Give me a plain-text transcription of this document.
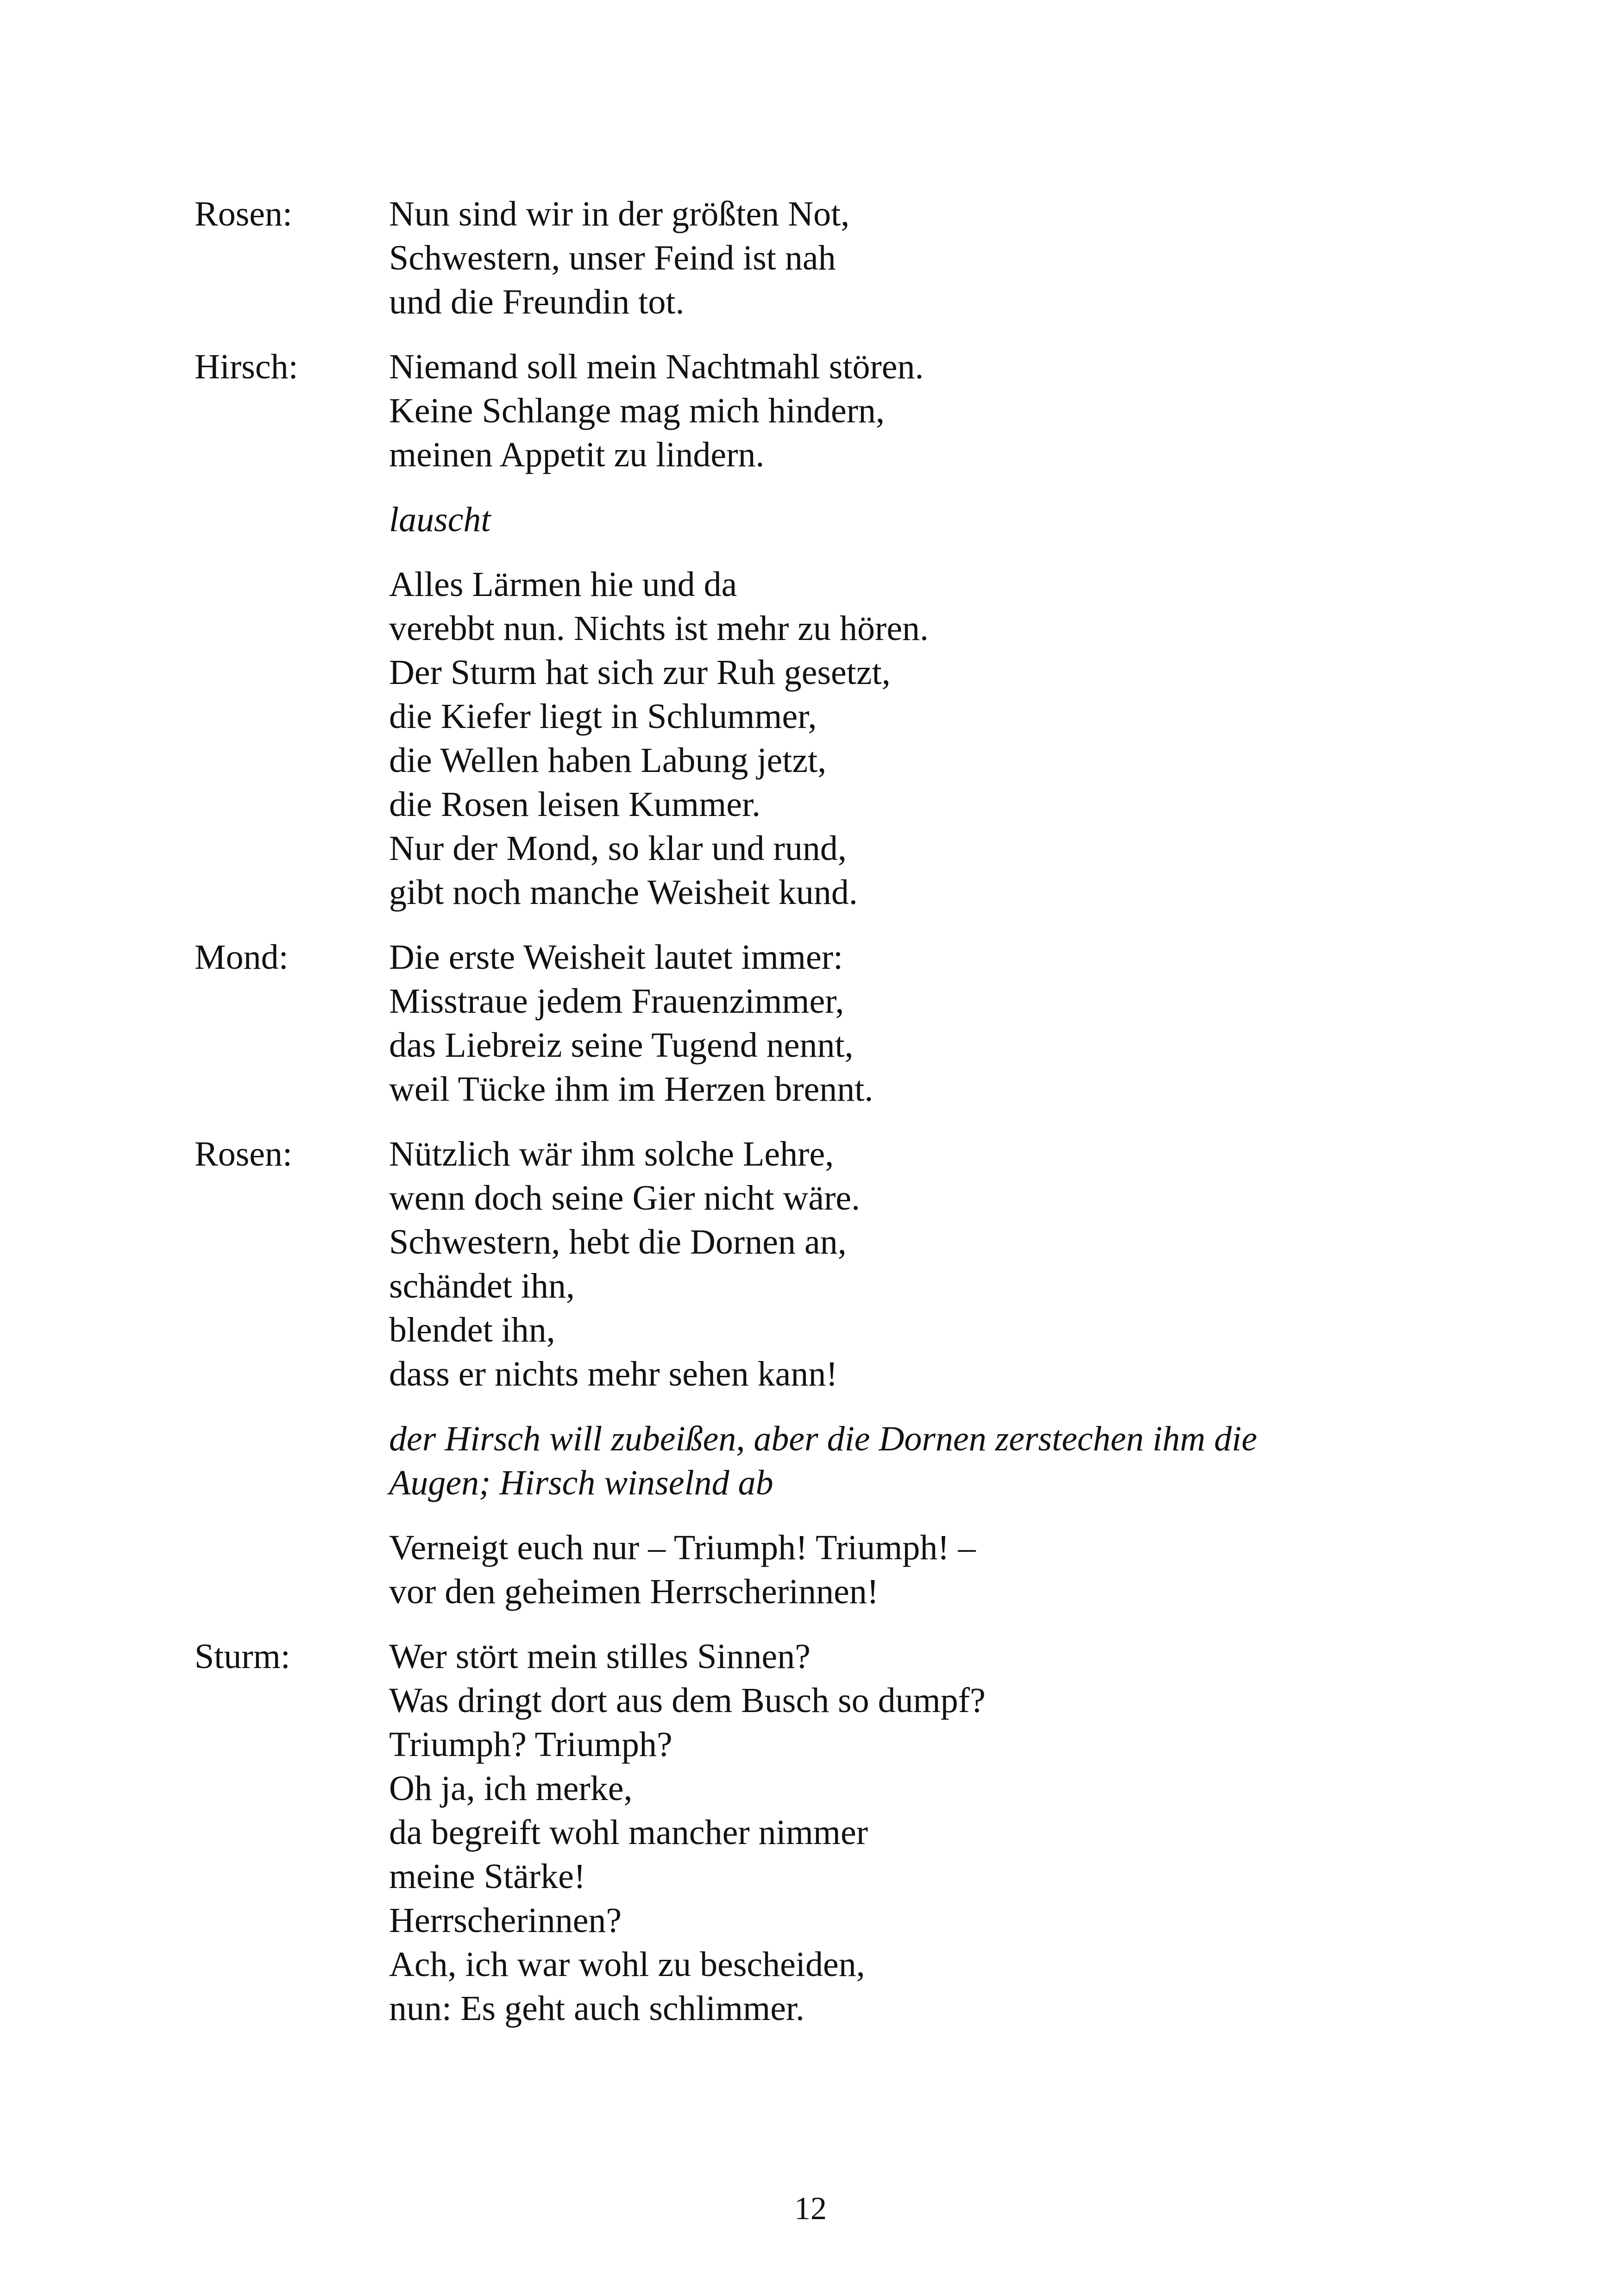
Rosen:	Nun sind wir in der größten Not,
Schwestern, unser Feind ist nah
und die Freundin tot.
Hirsch:	Niemand soll mein Nachtmahl stören.
Keine Schlange mag mich hindern,
meinen Appetit zu lindern.
lauscht
Alles Lärmen hie und da
verebbt nun. Nichts ist mehr zu hören.
Der Sturm hat sich zur Ruh gesetzt,
die Kiefer liegt in Schlummer,
die Wellen haben Labung jetzt,
die Rosen leisen Kummer.
Nur der Mond, so klar und rund,
gibt noch manche Weisheit kund.
Mond:	Die erste Weisheit lautet immer:
Misstraue jedem Frauenzimmer,
das Liebreiz seine Tugend nennt,
weil Tücke ihm im Herzen brennt.
Rosen:	Nützlich wär ihm solche Lehre,
wenn doch seine Gier nicht wäre.
Schwestern, hebt die Dornen an,
schändet ihn,
blendet ihn,
dass er nichts mehr sehen kann!
der Hirsch will zubeißen, aber die Dornen zerstechen ihm die
Augen; Hirsch winselnd ab
Verneigt euch nur – Triumph! Triumph! –
vor den geheimen Herrscherinnen!
Sturm:	Wer stört mein stilles Sinnen?
Was dringt dort aus dem Busch so dumpf?
Triumph? Triumph?
Oh ja, ich merke,
da begreift wohl mancher nimmer
meine Stärke!
Herrscherinnen?
Ach, ich war wohl zu bescheiden,
nun: Es geht auch schlimmer.
12
